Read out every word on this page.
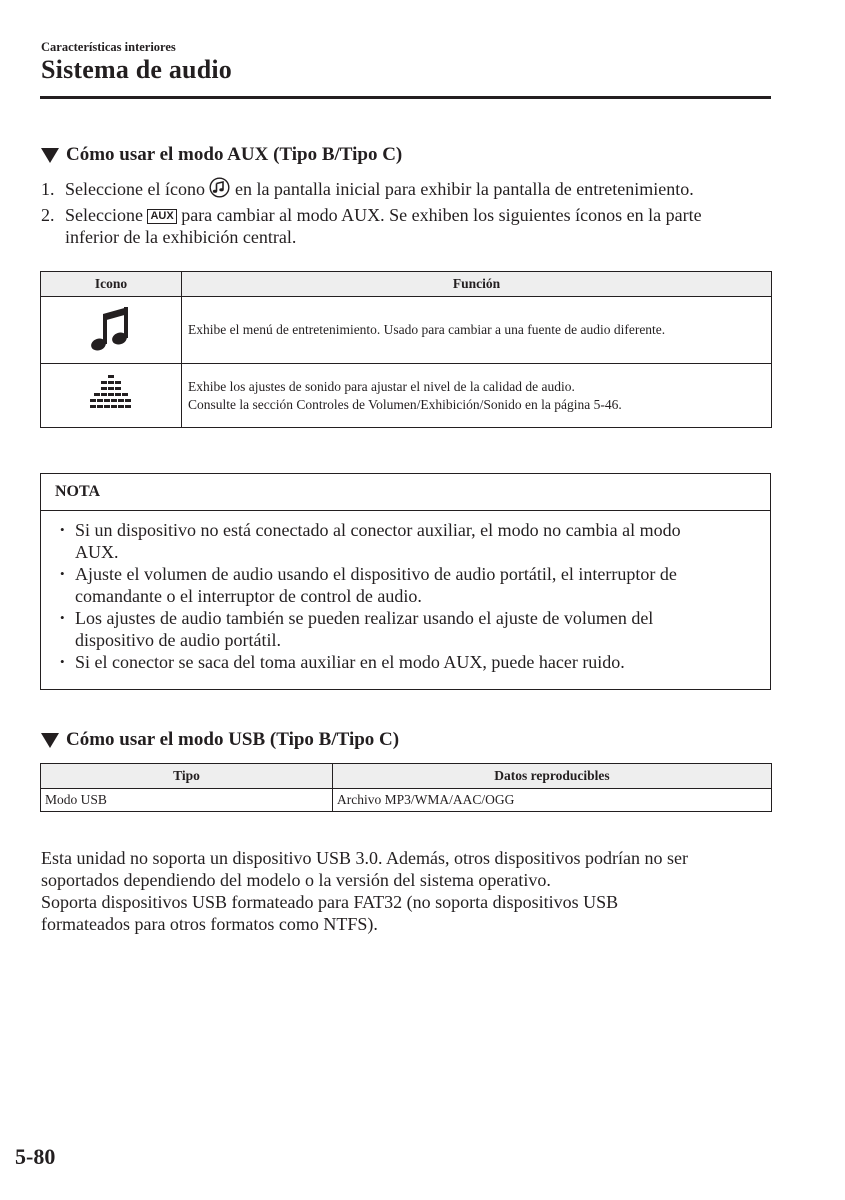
Características interiores
Sistema de audio
Cómo usar el modo AUX (Tipo B/Tipo C)
1. Seleccione el ícono en la pantalla inicial para exhibir la pantalla de entretenimiento.
2. Seleccione AUX para cambiar al modo AUX. Se exhiben los siguientes íconos en la parte
inferior de la exhibición central.
Icono	Función

Exhibe el menú de entretenimiento. Usado para cambiar a una fuente de audio diferente.

Exhibe los ajustes de sonido para ajustar el nivel de la calidad de audio.
Consulte la sección Controles de Volumen/Exhibición/Sonido en la página 5-46.
NOTA
• Si un dispositivo no está conectado al conector auxiliar, el modo no cambia al modo
AUX.
• Ajuste el volumen de audio usando el dispositivo de audio portátil, el interruptor de
comandante o el interruptor de control de audio.
• Los ajustes de audio también se pueden realizar usando el ajuste de volumen del
dispositivo de audio portátil.
• Si el conector se saca del toma auxiliar en el modo AUX, puede hacer ruido.
Cómo usar el modo USB (Tipo B/Tipo C)
Tipo	Datos reproducibles
Modo USB	Archivo MP3/WMA/AAC/OGG
Esta unidad no soporta un dispositivo USB 3.0. Además, otros dispositivos podrían no ser
soportados dependiendo del modelo o la versión del sistema operativo.
Soporta dispositivos USB formateado para FAT32 (no soporta dispositivos USB
formateados para otros formatos como NTFS).
5-80
